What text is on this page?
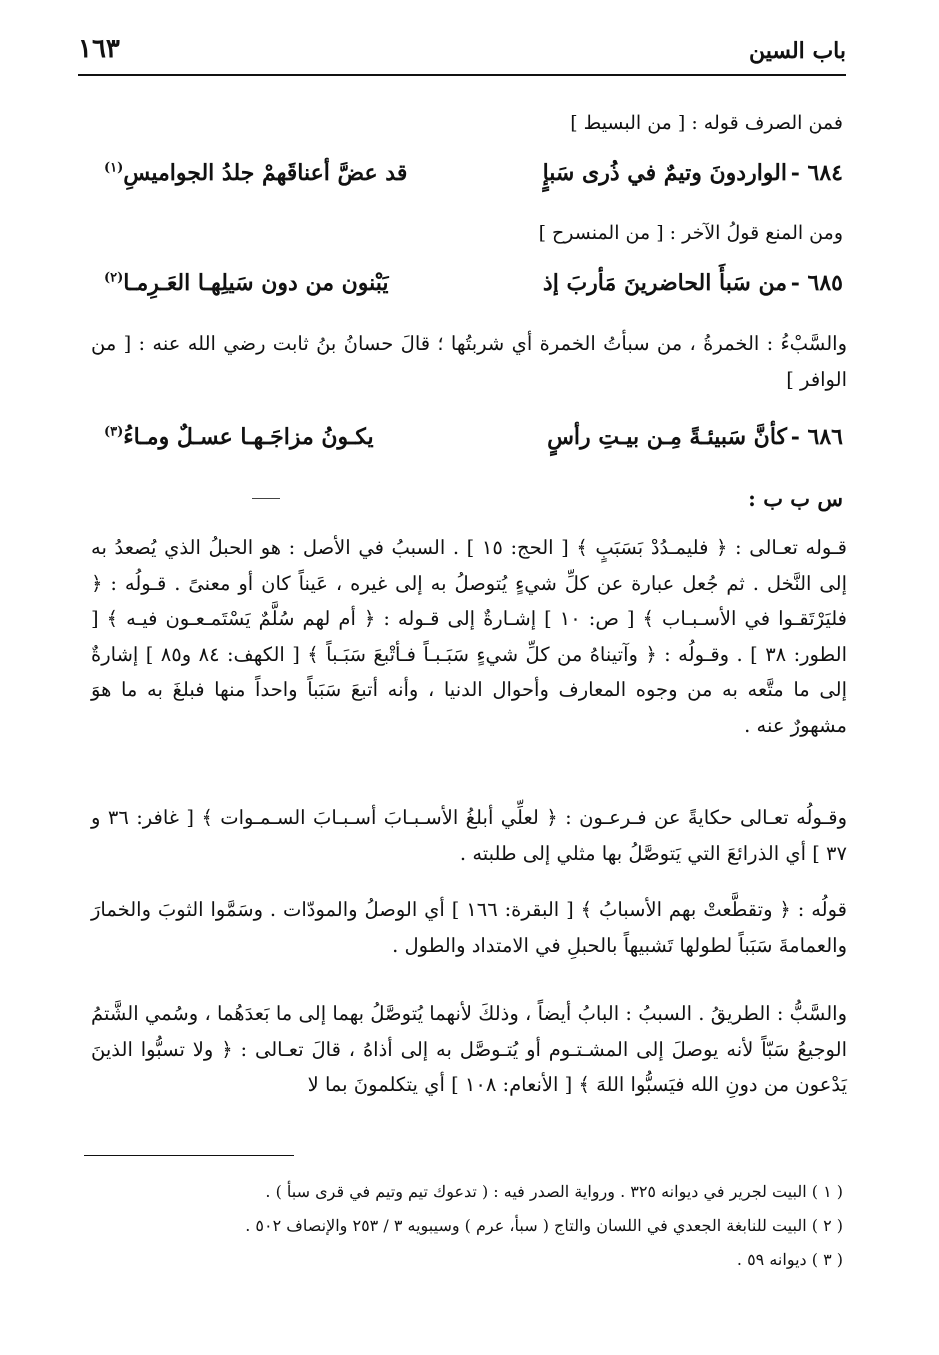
باب السين
١٦٣
فمن الصرف قوله : [ من البسيط ]
٦٨٤ -
الواردونَ وتيمٌ في ذُرى سَبإٍ
قد عضَّ أعناقَهمْ جلدُ الجواميسِ$^{(١)}$
ومن المنع قولُ الآخر : [ من المنسرح ]
٦٨٥ -
من سَبأَ الحاضرينَ مَأربَ إذ
يَبْنون من دون سَيلِهـا العَـرِمـا$^{(٢)}$
والسَّبْءُ : الخمرةُ ، من سبأتُ الخمرة أي شربتُها ؛ قالَ حسانُ بنُ ثابت رضي الله عنه : [ من الوافر ]
٦٨٦ -
كأنَّ سَبيئـةً مِـن بيـتِ رأسٍ
يكـونُ مزاجَـهـا عسـلٌ ومـاءُ$^{(٣)}$
س ب ب :
قـوله تعـالى : ﴿ فليمـدُدْ بَسَبَبٍ ﴾ [ الحج: ١٥ ] . السببُ في الأصل : هو الحبلُ الذي يُصعدُ به إلى النَّخل . ثم جُعل عبارة عن كلِّ شيءٍ يُتوصلُ به إلى غيره ، عَيناً كان أو معنىً . قـولُه : ﴿ فليَرْتَقـوا في الأسـبـاب ﴾ [ ص: ١٠ ] إشـارةٌ إلى قـوله : ﴿ أم لهم سُلَّمٌ يَسْتَمـعـون فيـه ﴾ [ الطور: ٣٨ ] . وقـولُه : ﴿ وآتيناهُ من كلِّ شيءٍ سَبَـبـاً فـأتْبعَ سَبَـباً ﴾ [ الكهف: ٨٤ و٨٥ ] إشارةٌ إلى ما متَّعه به من وجوه المعارف وأحوال الدنيا ، وأنه أتبعَ سَبَباً واحداً منها فبلغَ به ما هوَ مشهورٌ عنه .
وقـولُه تعـالى حكايةً عن فـرعـون : ﴿ لعلِّي أبلغُ الأسـبـابَ أسـبـابَ السـمـوات ﴾ [ غافر: ٣٦ و ٣٧ ] أي الذرائعَ التي يَتوصَّلُ بها مثلي إلى طلبته .
قولُه : ﴿ وتقطَّعتْ بهم الأسبابُ ﴾ [ البقرة: ١٦٦ ] أي الوصلُ والمودّات . وسَمَّوا الثوبَ والخمارَ والعمامةَ سَبَباً لطولها تَشبيهاً بالحبلِ في الامتداد والطول .
والسَّبُّ : الطريقُ . السببُ : البابُ أيضاً ، وذلكَ لأنهما يُتوصَّلُ بهما إلى ما بَعدَهُما ، وسُمي الشَّتمُ الوجيعُ سَبّاً لأنه يوصلَ إلى المشـتـوم أو يُتـوصَّل به إلى أذاهُ ، قالَ تعـالى : ﴿ ولا تسبُّوا الذينَ يَدْعون من دونِ الله فيَسبُّوا اللهَ ﴾ [ الأنعام: ١٠٨ ] أي يتكلمونَ بما لا
( ١ ) البيت لجرير في ديوانه ٣٢٥ . ورواية الصدر فيه : ( تدعوك تيم وتيم في قرى سبأ ) .
( ٢ ) البيت للنابغة الجعدي في اللسان والتاج ( سبأ، عرم ) وسيبويه ٣ / ٢٥٣ والإنصاف ٥٠٢ .
( ٣ ) ديوانه ٥٩ .
